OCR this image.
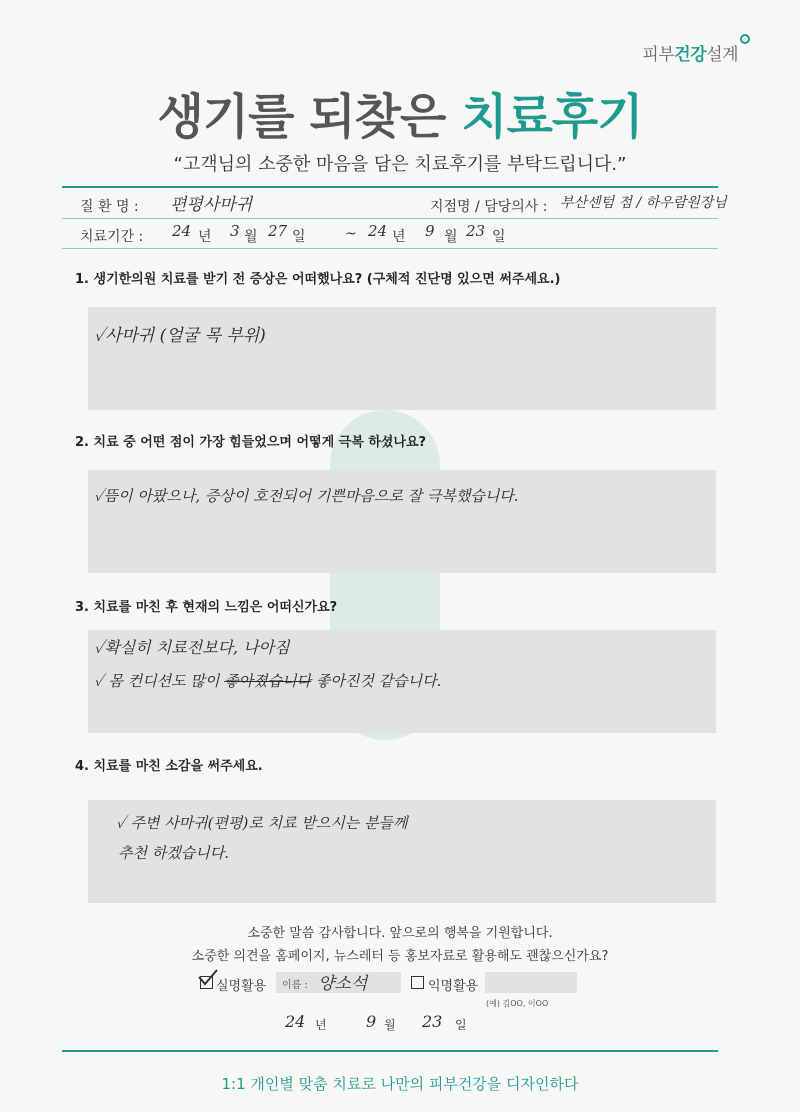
피부건강설계
생기를 되찾은 치료후기
“고객님의 소중한 마음을 담은 치료후기를 부탁드립니다.”
질 환 명 : 편평사마귀	지점명 / 담당의사 : 부산센텀 점 / 하우람원장님
치료기간 : 24 년 3 월 27 일	~ 24 년 9 월 23 일
1. 생기한의원 치료를 받기 전 증상은 어떠했나요? (구체적 진단명 있으면 써주세요.)
✓사마귀 (얼굴 목 부위)
2. 치료 중 어떤 점이 가장 힘들었으며 어떻게 극복 하셨나요?
✓뜸이 아팠으나, 증상이 호전되어 기쁜마음으로 잘 극복했습니다.
3. 치료를 마친 후 현재의 느낌은 어떠신가요?
✓확실히 치료전보다, 나아짐
✓ 몸 컨디션도 많이 좋아졌습니다 좋아진것 같습니다.
4. 치료를 마친 소감을 써주세요.
✓ 주변 사마귀(편평)로 치료 받으시는 분들께
추천 하겠습니다.
소중한 말씀 감사합니다. 앞으로의 행복을 기원합니다.
소중한 의견을 홈페이지, 뉴스레터 등 홍보자료로 활용해도 괜찮으신가요?
실명활용 이름 : 양소석	익명활용
(예) 김OO, 이OO
24 년 9 월 23 일
1:1 개인별 맞춤 치료로 나만의 피부건강을 디자인하다
